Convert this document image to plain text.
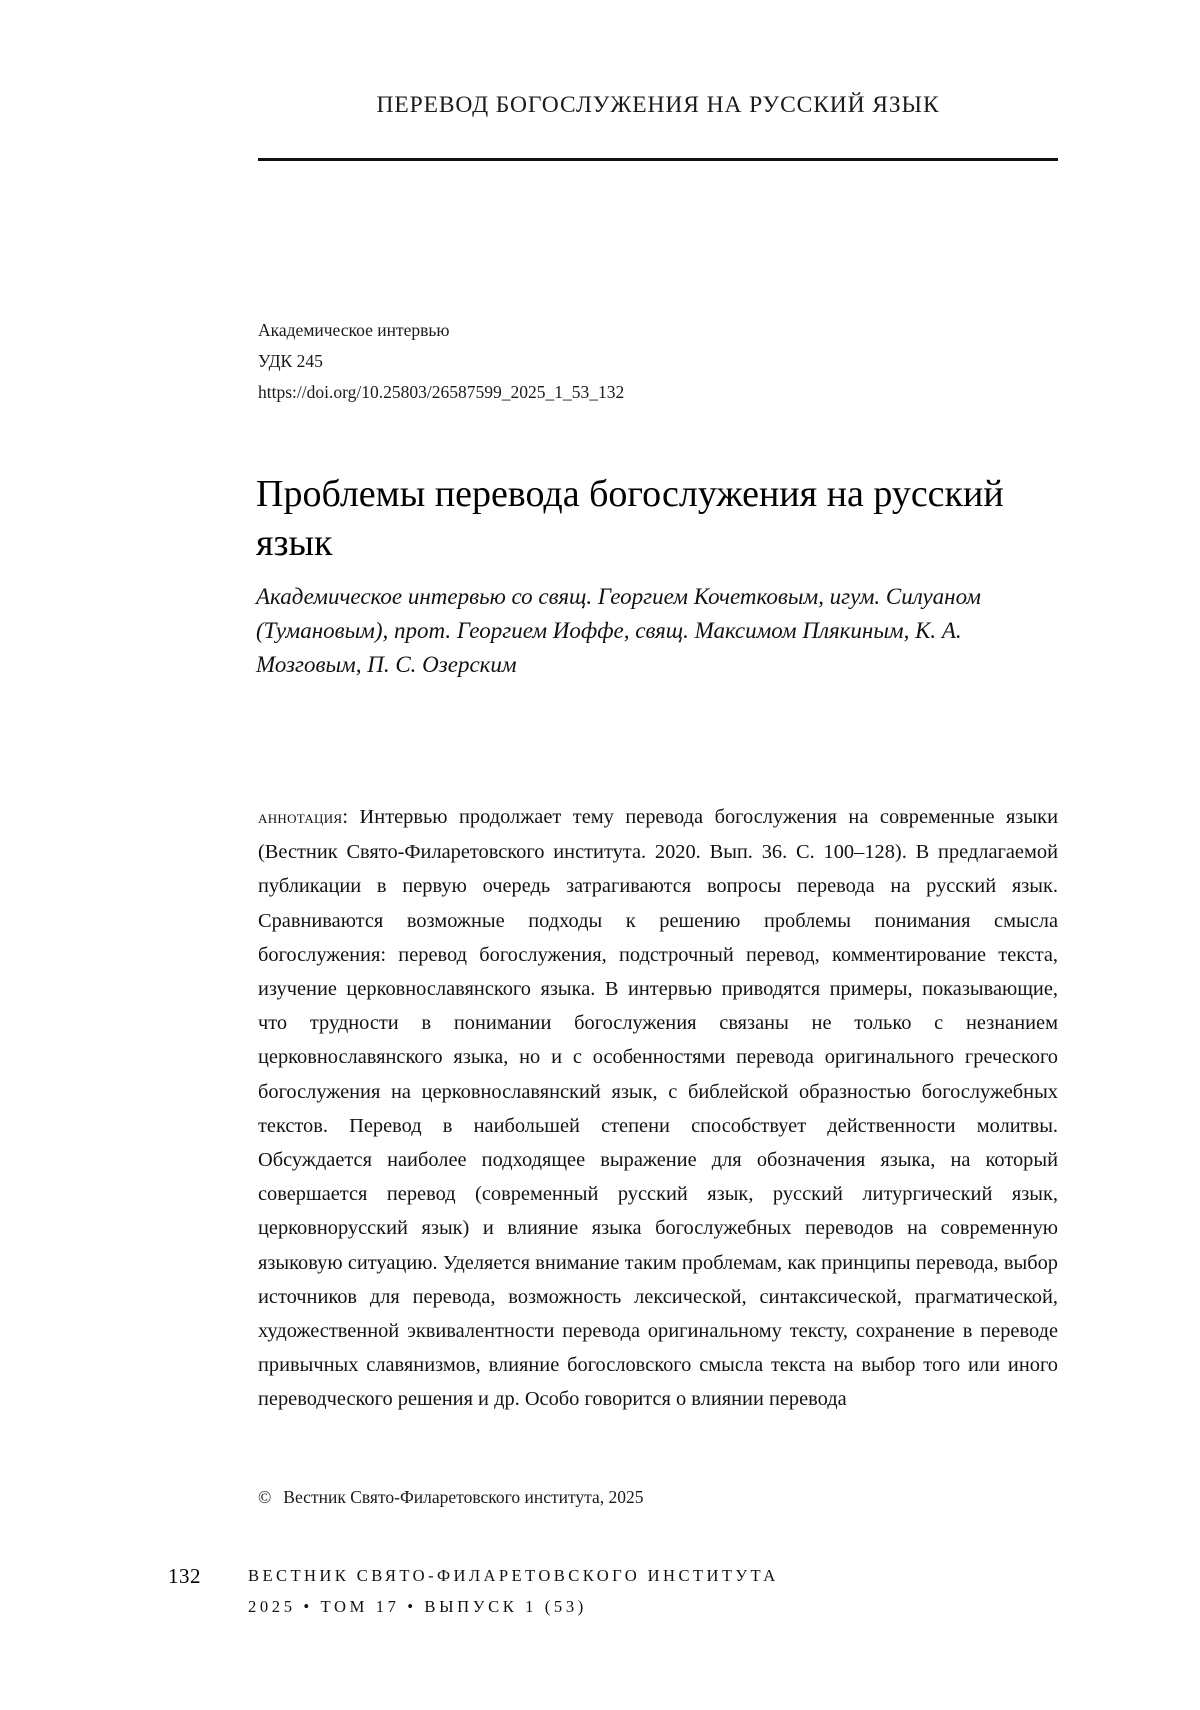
ПЕРЕВОД БОГОСЛУЖЕНИЯ НА РУССКИЙ ЯЗЫК
Академическое интервью
УДК 245
https://doi.org/10.25803/26587599_2025_1_53_132
Проблемы перевода богослужения на русский язык
Академическое интервью со свящ. Георгием Кочетковым, игум. Силуаном (Тумановым), прот. Георгием Иоффе, свящ. Максимом Плякиным, К. А. Мозговым, П. С. Озерским
аннотация: Интервью продолжает тему перевода богослужения на современные языки (Вестник Свято-Филаретовского института. 2020. Вып. 36. С. 100–128). В предлагаемой публикации в первую очередь затрагиваются вопросы перевода на русский язык. Сравниваются возможные подходы к решению проблемы понимания смысла богослужения: перевод богослужения, подстрочный перевод, комментирование текста, изучение церковнославянского языка. В интервью приводятся примеры, показывающие, что трудности в понимании богослужения связаны не только с незнанием церковнославянского языка, но и с особенностями перевода оригинального греческого богослужения на церковнославянский язык, с библейской образностью богослужебных текстов. Перевод в наибольшей степени способствует действенности молитвы. Обсуждается наиболее подходящее выражение для обозначения языка, на который совершается перевод (современный русский язык, русский литургический язык, церковнорусский язык) и влияние языка богослужебных переводов на современную языковую ситуацию. Уделяется внимание таким проблемам, как принципы перевода, выбор источников для перевода, возможность лексической, синтаксической, прагматической, художественной эквивалентности перевода оригинальному тексту, сохранение в переводе привычных славянизмов, влияние богословского смысла текста на выбор того или иного переводческого решения и др. Особо говорится о влиянии перевода
© Вестник Свято-Филаретовского института, 2025
132	ВЕСТНИК СВЯТО-ФИЛАРЕТОВСКОГО ИНСТИТУТА
2025 • ТОМ 17 • ВЫПУСК 1 (53)
